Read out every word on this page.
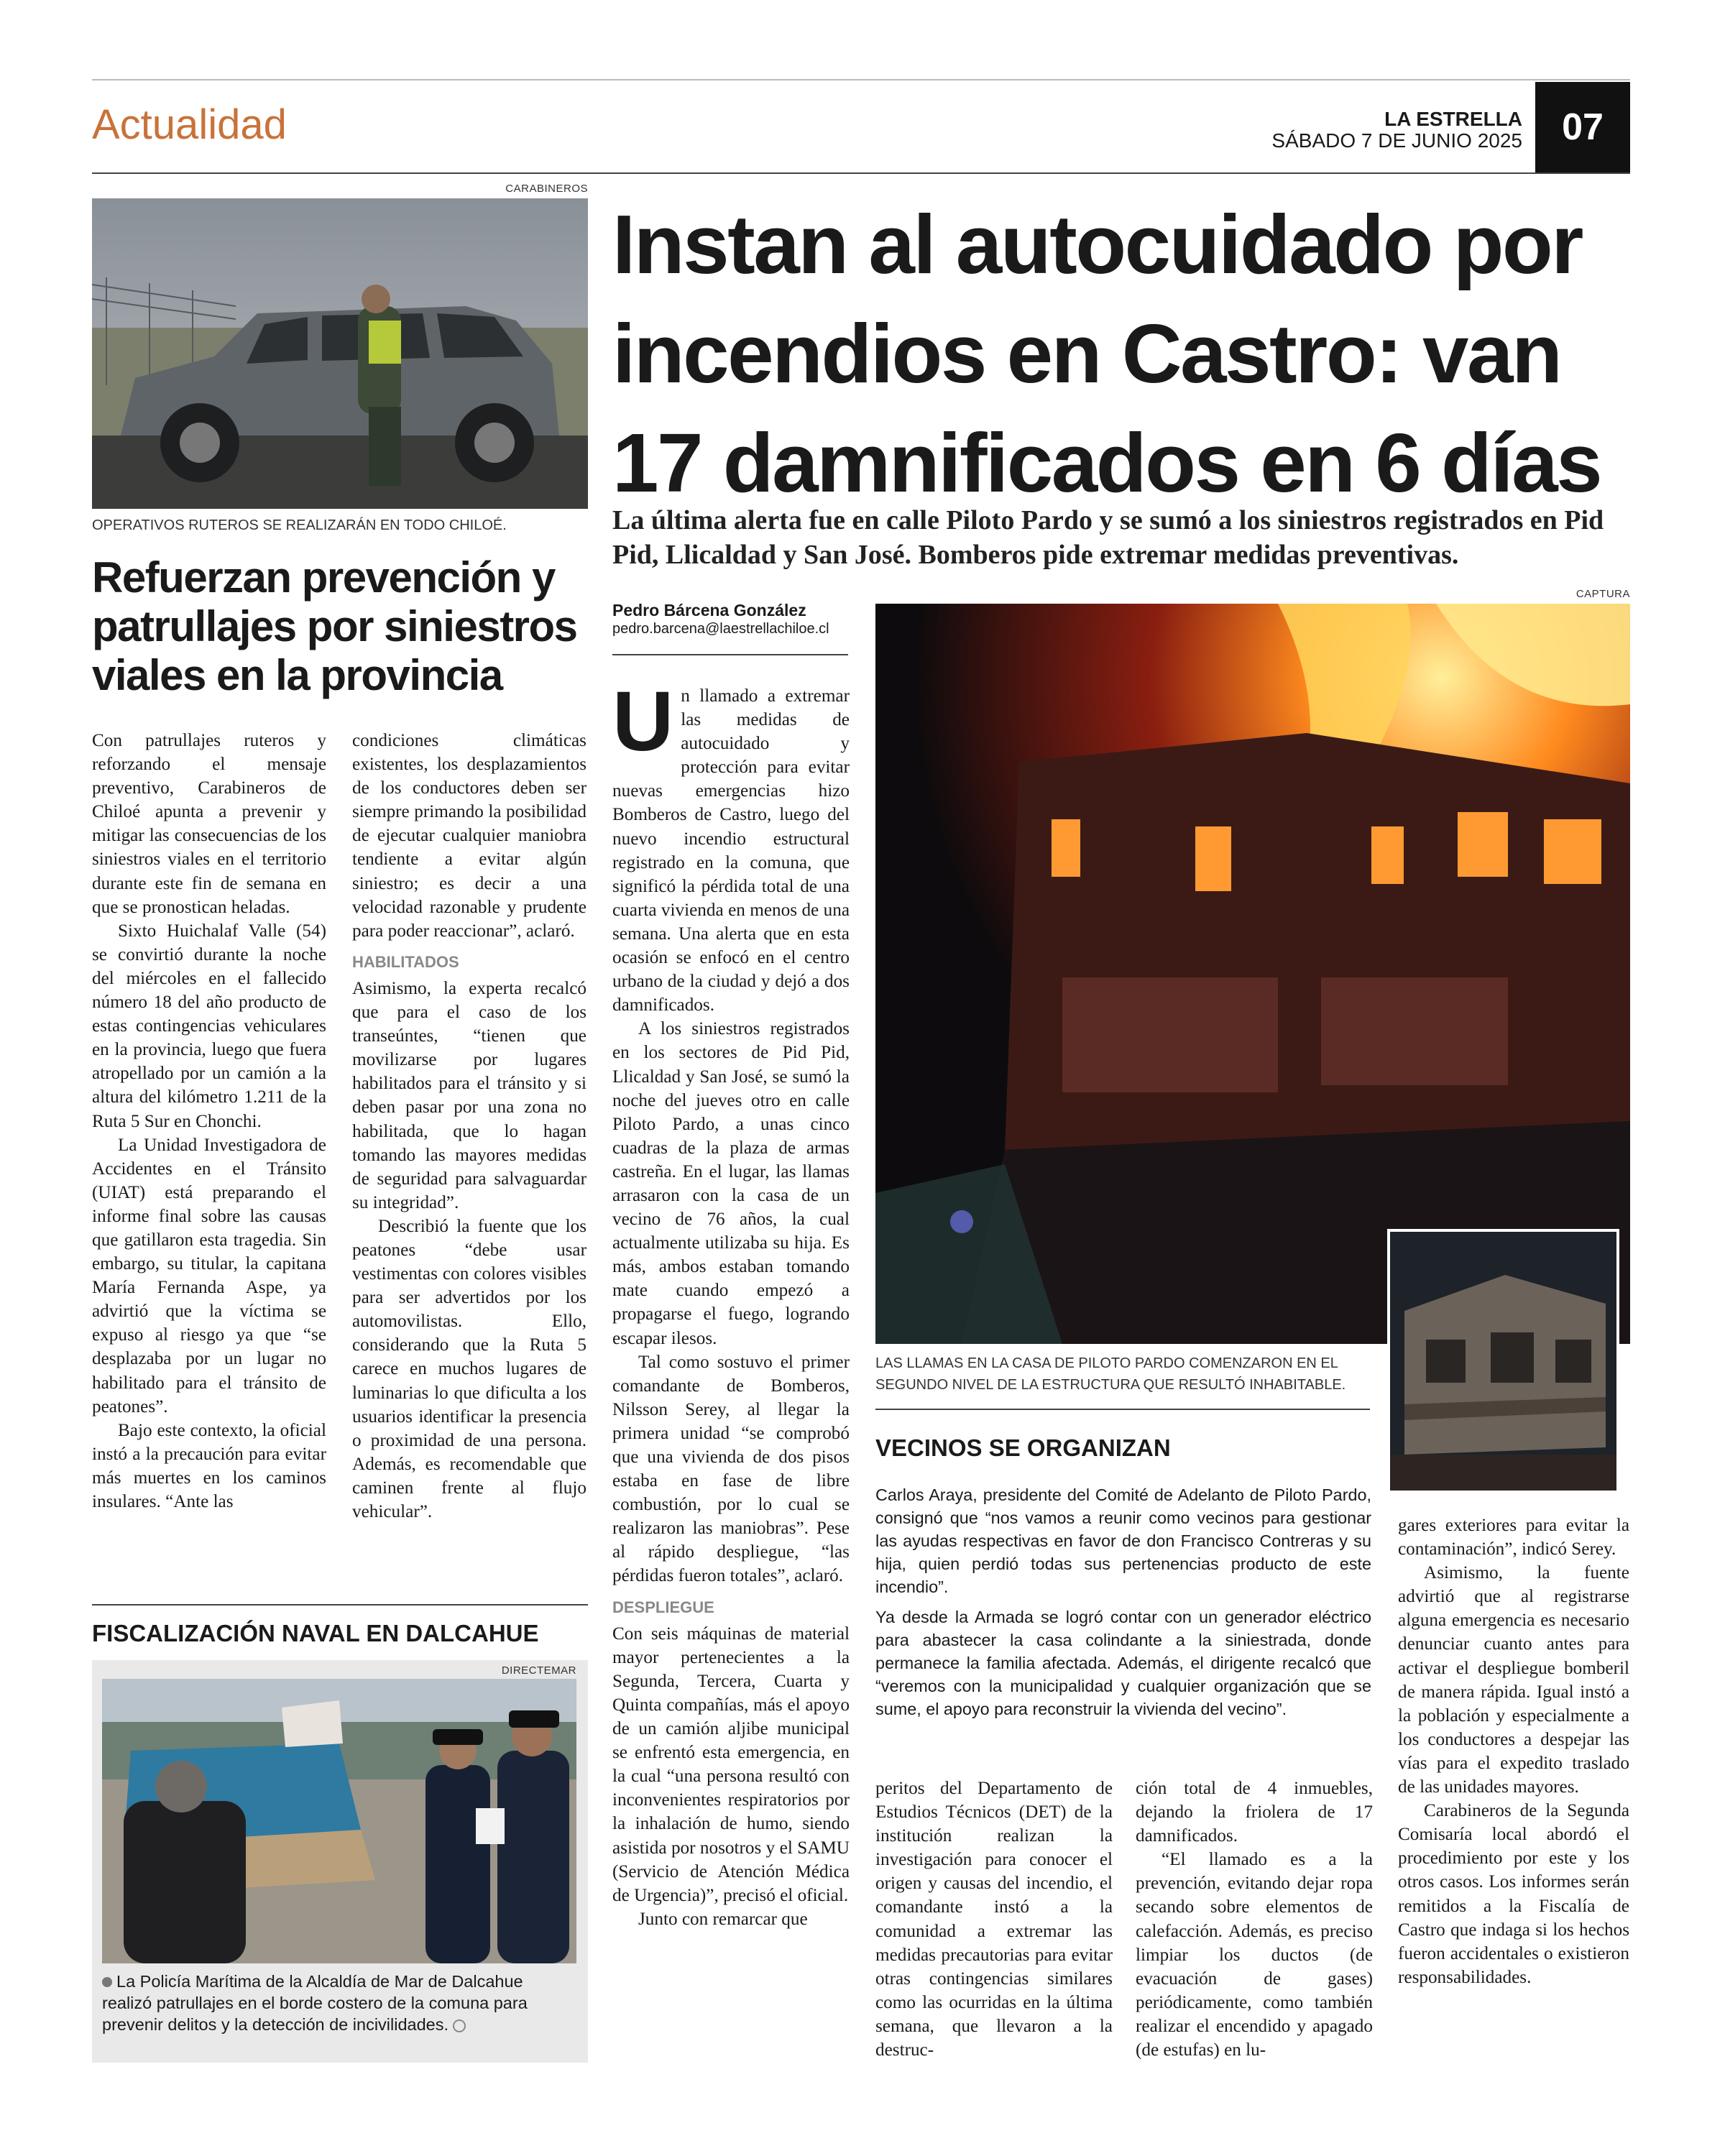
Actualidad	LA ESTRELLA
SÁBADO 7 DE JUNIO 2025	07
CARABINEROS
OPERATIVOS RUTEROS SE REALIZARÁN EN TODO CHILOÉ.
Refuerzan prevención y patrullajes por siniestros viales en la provincia

Con patrullajes ruteros y reforzando el mensaje preventivo, Carabineros de Chiloé apunta a prevenir y mitigar las consecuencias de los siniestros viales en el territorio durante este fin de semana en que se pronostican heladas.

Sixto Huichalaf Valle (54) se convirtió durante la noche del miércoles en el fallecido número 18 del año producto de estas contingencias vehiculares en la provincia, luego que fuera atropellado por un camión a la altura del kilómetro 1.211 de la Ruta 5 Sur en Chonchi.

La Unidad Investigadora de Accidentes en el Tránsito (UIAT) está preparando el informe final sobre las causas que gatillaron esta tragedia. Sin embargo, su titular, la capitana María Fernanda Aspe, ya advirtió que la víctima se expuso al riesgo ya que “se desplazaba por un lugar no habilitado para el tránsito de peatones”.

Bajo este contexto, la oficial instó a la precaución para evitar más muertes en los caminos insulares. “Ante las

condiciones climáticas existentes, los desplazamientos de los conductores deben ser siempre primando la posibilidad de ejecutar cualquier maniobra tendiente a evitar algún siniestro; es decir a una velocidad razonable y prudente para poder reaccionar”, aclaró.

HABILITADOS

Asimismo, la experta recalcó que para el caso de los transeúntes, “tienen que movilizarse por lugares habilitados para el tránsito y si deben pasar por una zona no habilitada, que lo hagan tomando las mayores medidas de seguridad para salvaguardar su integridad”.

Describió la fuente que los peatones “debe usar vestimentas con colores visibles para ser advertidos por los automovilistas. Ello, considerando que la Ruta 5 carece en muchos lugares de luminarias lo que dificulta a los usuarios identificar la presencia o proximidad de una persona. Además, es recomendable que caminen frente al flujo vehicular”.

FISCALIZACIÓN NAVAL EN DALCAHUE
DIRECTEMAR
La Policía Marítima de la Alcaldía de Mar de Dalcahue realizó patrullajes en el borde costero de la comuna para prevenir delitos y la detección de incivilidades.
Instan al autocuidado por incendios en Castro: van 17 damnificados en 6 días
La última alerta fue en calle Piloto Pardo y se sumó a los siniestros registrados en Pid Pid, Llicaldad y San José. Bomberos pide extremar medidas preventivas.
Pedro Bárcena González
pedro.barcena@laestrellachiloe.cl
CAPTURA
LAS LLAMAS EN LA CASA DE PILOTO PARDO COMENZARON EN EL SEGUNDO NIVEL DE LA ESTRUCTURA QUE RESULTÓ INHABITABLE.

Un llamado a extremar las medidas de autocuidado y protección para evitar nuevas emergencias hizo Bomberos de Castro, luego del nuevo incendio estructural registrado en la comuna, que significó la pérdida total de una cuarta vivienda en menos de una semana. Una alerta que en esta ocasión se enfocó en el centro urbano de la ciudad y dejó a dos damnificados.

A los siniestros registrados en los sectores de Pid Pid, Llicaldad y San José, se sumó la noche del jueves otro en calle Piloto Pardo, a unas cinco cuadras de la plaza de armas castreña. En el lugar, las llamas arrasaron con la casa de un vecino de 76 años, la cual actualmente utilizaba su hija. Es más, ambos estaban tomando mate cuando empezó a propagarse el fuego, lograndо escapar ilesos.

Tal como sostuvo el primer comandante de Bomberos, Nilsson Serey, al llegar la primera unidad “se comprobó que una vivienda de dos pisos estaba en fase de libre combustión, por lo cual se realizaron las maniobras”. Pese al rápido despliegue, “las pérdidas fueron totales”, aclaró.

DESPLIEGUE

Con seis máquinas de material mayor pertenecientes a la Segunda, Tercera, Cuarta y Quinta compañías, más el apoyo de un camión aljibe municipal se enfrentó esta emergencia, en la cual “una persona resultó con inconvenientes respiratorios por la inhalación de humo, siendo asistida por nosotros y el SAMU (Servicio de Atención Médica de Urgencia)”, precisó el oficial.

Junto con remarcar que

VECINOS SE ORGANIZAN

Carlos Araya, presidente del Comité de Adelanto de Piloto Pardo, consignó que “nos vamos a reunir como vecinos para gestionar las ayudas respectivas en favor de don Francisco Contreras y su hija, quien perdió todas sus pertenencias producto de este incendio”.

Ya desde la Armada se logró contar con un generador eléctrico para abastecer la casa colindante a la siniestrada, donde permanece la familia afectada. Además, el dirigente recalcó que “veremos con la municipalidad y cualquier organización que se sume, el apoyo para reconstruir la vivienda del vecino”.

peritos del Departamento de Estudios Técnicos (DET) de la institución realizan la investigación para conocer el origen y causas del incendio, el comandante instó a la comunidad a extremar las medidas precautorias para evitar otras contingencias similares como las ocurridas en la última semana, que llevaron a la destruc-

ción total de 4 inmuebles, dejando la friolera de 17 damnificados.

“El llamado es a la prevención, evitando dejar ropa secando sobre elementos de calefacción. Además, es preciso limpiar los ductos (de evacuación de gases) periódicamente, como también realizar el encendido y apagado (de estufas) en lu-

gares exteriores para evitar la contaminación”, indicó Serey.

Asimismo, la fuente advirtió que al registrarse alguna emergencia es necesario denunciar cuanto antes para activar el despliegue bomberil de manera rápida. Igual instó a la población y especialmente a los conductores a despejar las vías para el expedito traslado de las unidades mayores.

Carabineros de la Segunda Comisaría local abordó el procedimiento por este y los otros casos. Los informes serán remitidos a la Fiscalía de Castro que indaga si los hechos fueron accidentales o existieron responsabilidades.
